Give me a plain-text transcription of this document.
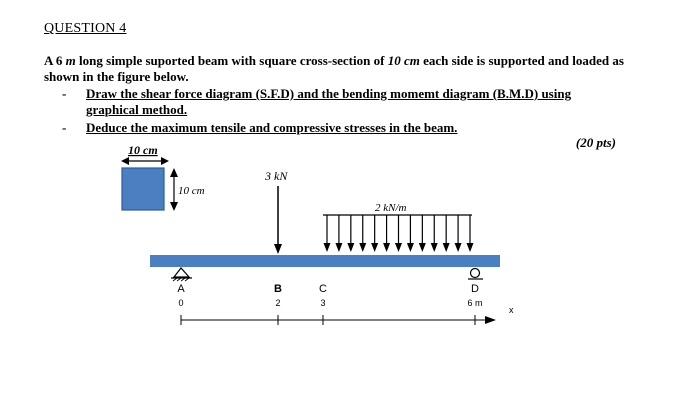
QUESTION 4

A 6 m long simple suported beam with square cross-section of 10 cm each side is supported and loaded as shown in the figure below.

- Draw the shear force diagram (S.F.D) and the bending momemt diagram (B.M.D) using
graphical method.
- Deduce the maximum tensile and compressive stresses in the beam.
(20 pts)
10 cm
10 cm
3 kN
2 kN/m
A
0
B
2
C
3
D
6 m
x
